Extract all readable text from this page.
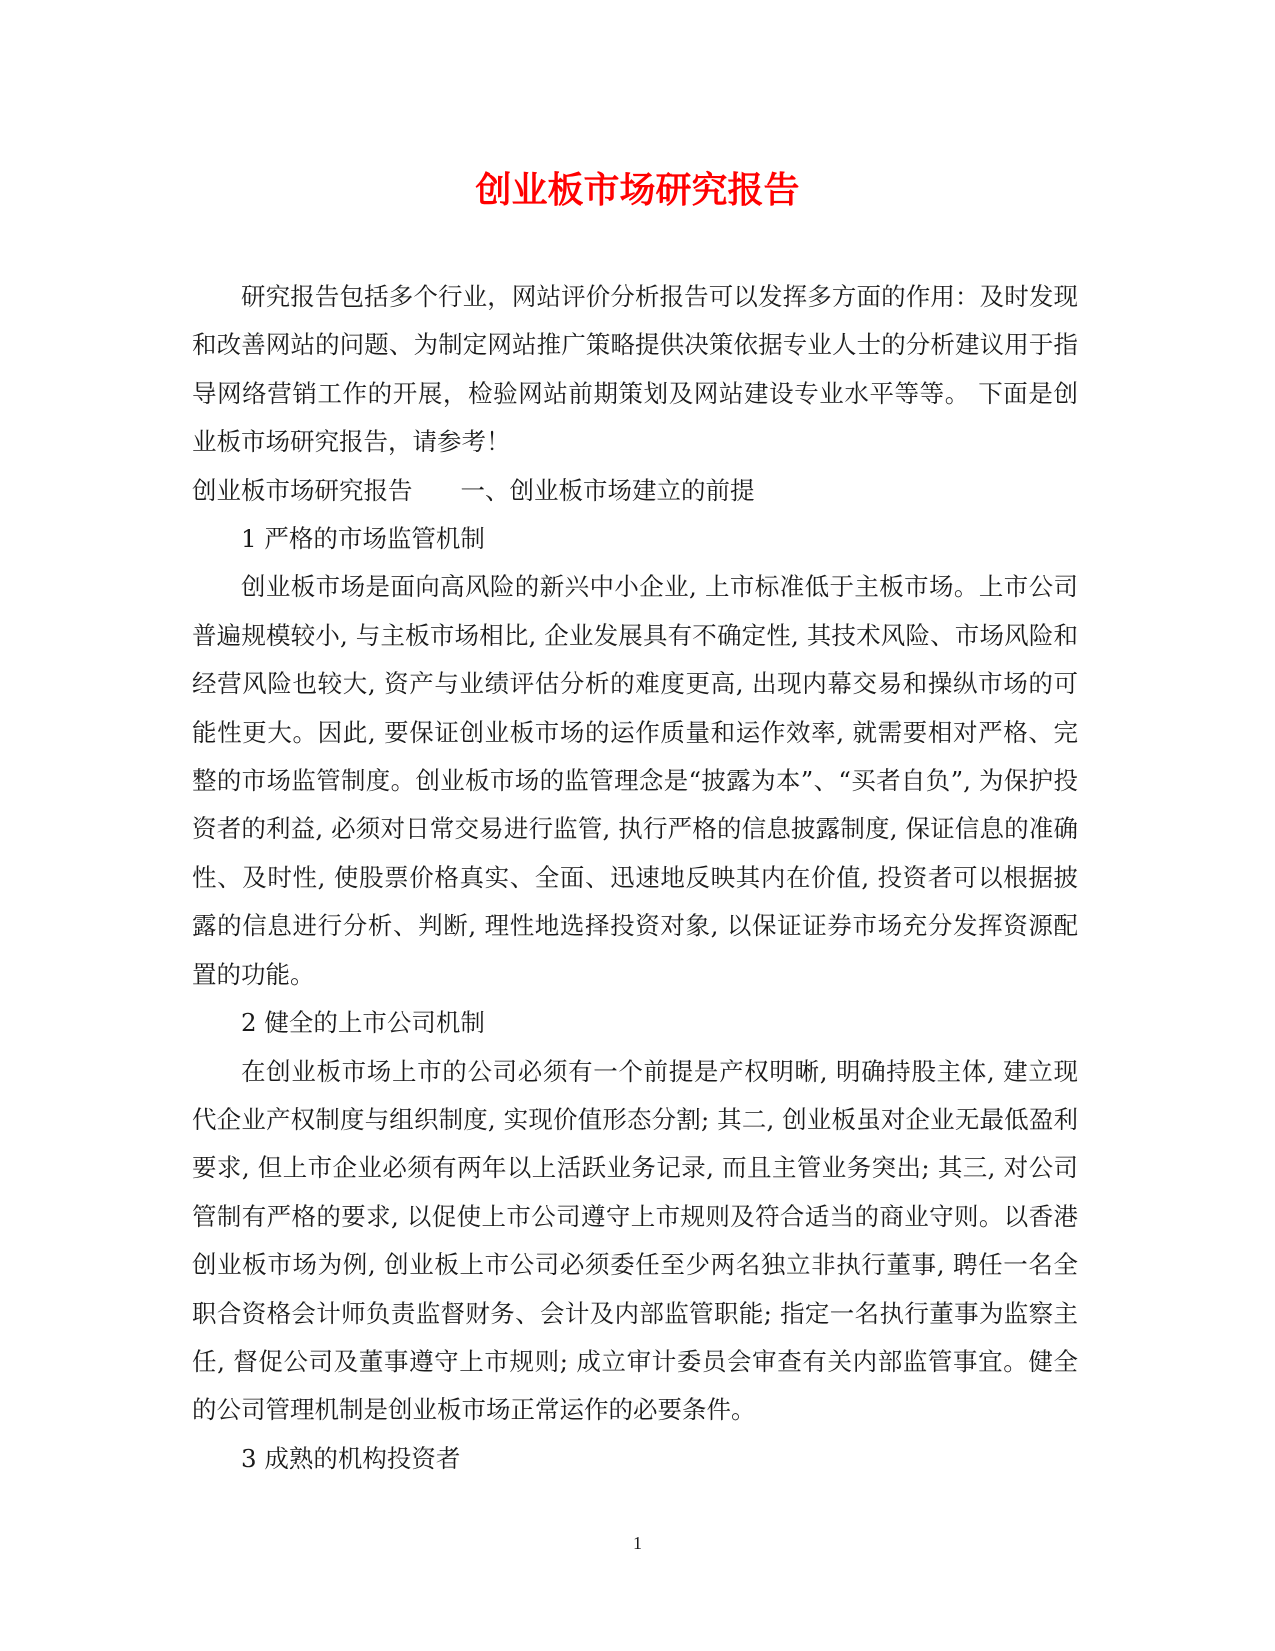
创业板市场研究报告

研究报告包括多个行业，网站评价分析报告可以发挥多方面的作用：及时发现和改善网站的问题、为制定网站推广策略提供决策依据专业人士的分析建议用于指导网络营销工作的开展，检验网站前期策划及网站建设专业水平等等。 下面是创业板市场研究报告，请参考！

创业板市场研究报告 一、创业板市场建立的前提

1 严格的市场监管机制

创业板市场是面向高风险的新兴中小企业, 上市标准低于主板市场。上市公司普遍规模较小, 与主板市场相比, 企业发展具有不确定性, 其技术风险、市场风险和经营风险也较大, 资产与业绩评估分析的难度更高, 出现内幕交易和操纵市场的可能性更大。因此, 要保证创业板市场的运作质量和运作效率, 就需要相对严格、完整的市场监管制度。创业板市场的监管理念是“披露为本”、“买者自负”, 为保护投资者的利益, 必须对日常交易进行监管, 执行严格的信息披露制度, 保证信息的准确性、及时性, 使股票价格真实、全面、迅速地反映其内在价值, 投资者可以根据披露的信息进行分析、判断, 理性地选择投资对象, 以保证证券市场充分发挥资源配置的功能。

2 健全的上市公司机制

在创业板市场上市的公司必须有一个前提是产权明晰, 明确持股主体, 建立现代企业产权制度与组织制度, 实现价值形态分割; 其二, 创业板虽对企业无最低盈利要求, 但上市企业必须有两年以上活跃业务记录, 而且主管业务突出; 其三, 对公司管制有严格的要求, 以促使上市公司遵守上市规则及符合适当的商业守则。以香港创业板市场为例, 创业板上市公司必须委任至少两名独立非执行董事, 聘任一名全职合资格会计师负责监督财务、会计及内部监管职能; 指定一名执行董事为监察主任, 督促公司及董事遵守上市规则; 成立审计委员会审查有关内部监管事宜。健全的公司管理机制是创业板市场正常运作的必要条件。

3 成熟的机构投资者

1
